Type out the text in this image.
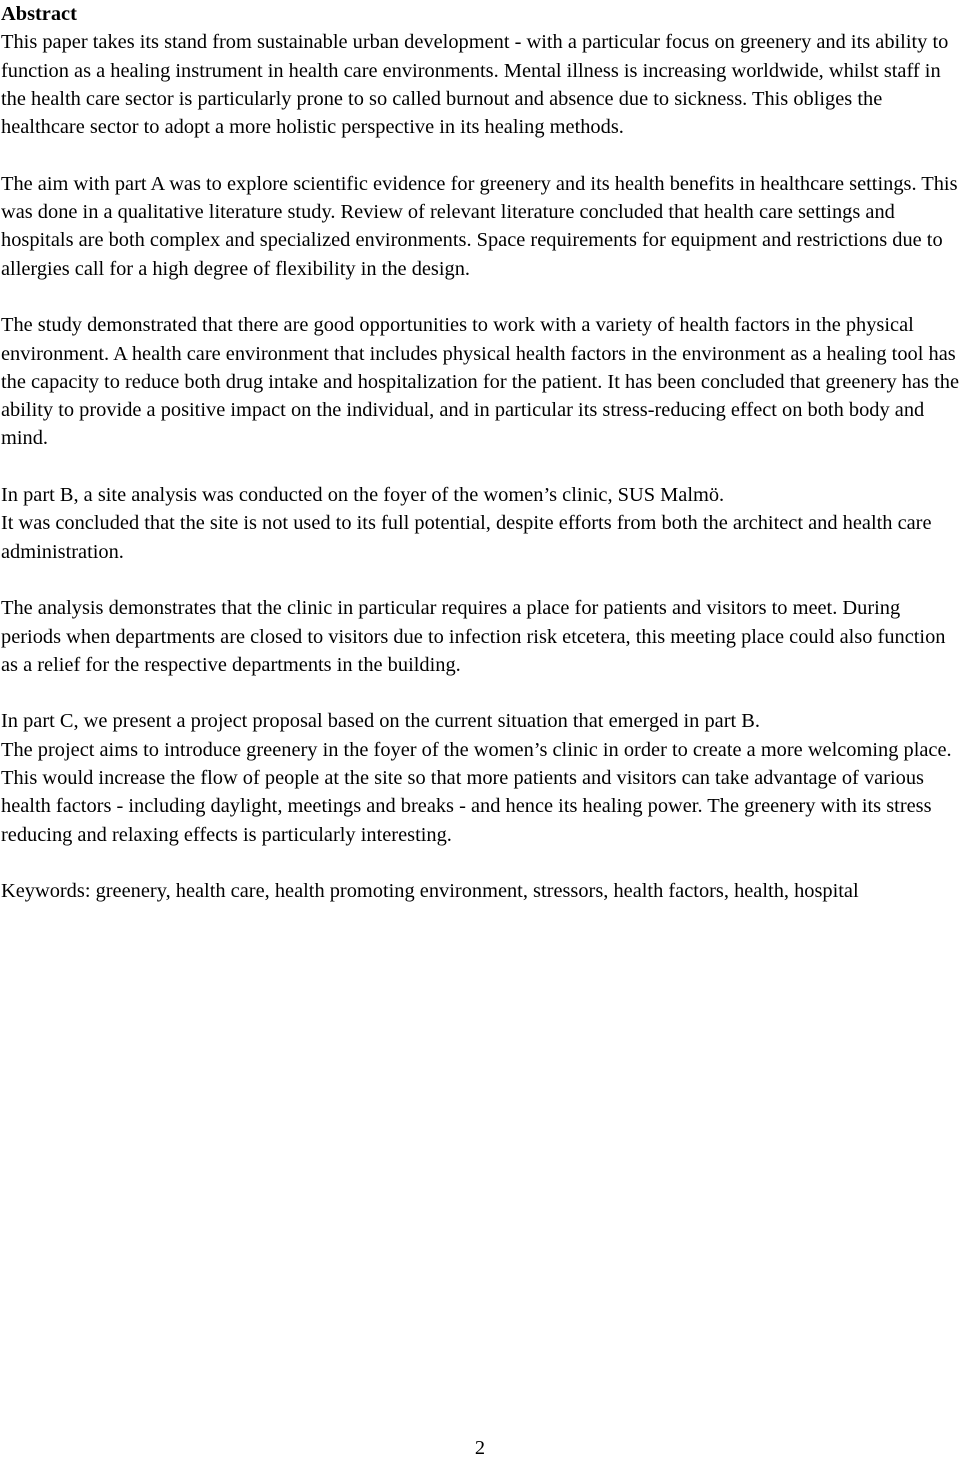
Abstract

This paper takes its stand from sustainable urban development - with a particular focus on greenery and its ability to function as a healing instrument in health care environments. Mental illness is increasing worldwide, whilst staff in the health care sector is particularly prone to so called burnout and absence due to sickness. This obliges the healthcare sector to adopt a more holistic perspective in its healing methods.

The aim with part A was to explore scientific evidence for greenery and its health benefits in healthcare settings. This was done in a qualitative literature study. Review of relevant literature concluded that health care settings and hospitals are both complex and specialized environments. Space requirements for equipment and restrictions due to allergies call for a high degree of flexibility in the design.

The study demonstrated that there are good opportunities to work with a variety of health factors in the physical environment. A health care environment that includes physical health factors in the environment as a healing tool has the capacity to reduce both drug intake and hospitalization for the patient. It has been concluded that greenery has the ability to provide a positive impact on the individual, and in particular its stress-reducing effect on both body and mind.

In part B, a site analysis was conducted on the foyer of the women’s clinic, SUS Malmö.
It was concluded that the site is not used to its full potential, despite efforts from both the architect and health care administration.

The analysis demonstrates that the clinic in particular requires a place for patients and visitors to meet. During periods when departments are closed to visitors due to infection risk etcetera, this meeting place could also function as a relief for the respective departments in the building.

In part C, we present a project proposal based on the current situation that emerged in part B.
The project aims to introduce greenery in the foyer of the women’s clinic in order to create a more welcoming place. This would increase the flow of people at the site so that more patients and visitors can take advantage of various health factors - including daylight, meetings and breaks - and hence its healing power. The greenery with its stress reducing and relaxing effects is particularly interesting.

Keywords: greenery, health care, health promoting environment, stressors, health factors, health, hospital

2
